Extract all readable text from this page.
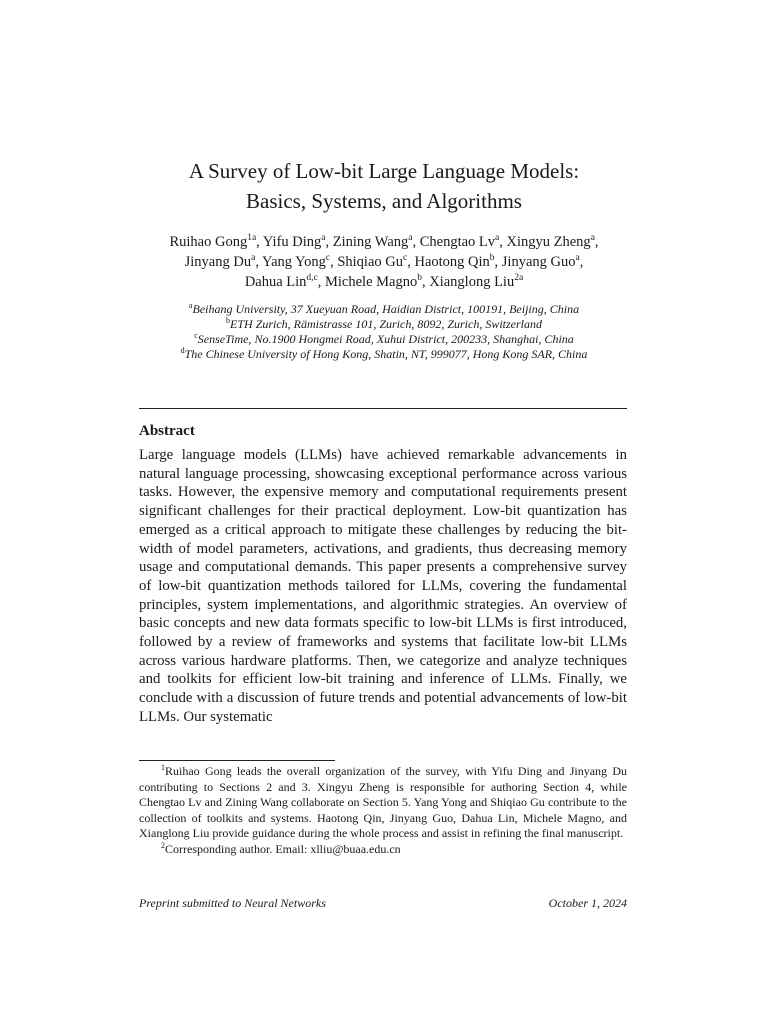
A Survey of Low-bit Large Language Models:
Basics, Systems, and Algorithms
Ruihao Gong$^{1a}$, Yifu Ding$^a$, Zining Wang$^a$, Chengtao Lv$^a$, Xingyu Zheng$^a$,
Jinyang Du$^a$, Yang Yong$^c$, Shiqiao Gu$^c$, Haotong Qin$^b$, Jinyang Guo$^a$,
Dahua Lin$^{d,c}$, Michele Magno$^b$, Xianglong Liu$^{2a}$
$^a$Beihang University, 37 Xueyuan Road, Haidian District, 100191, Beijing, China
$^b$ETH Zurich, Rämistrasse 101, Zurich, 8092, Zurich, Switzerland
$^c$SenseTime, No.1900 Hongmei Road, Xuhui District, 200233, Shanghai, China
$^d$The Chinese University of Hong Kong, Shatin, NT, 999077, Hong Kong SAR, China
Abstract
Large language models (LLMs) have achieved remarkable advancements in natural language processing, showcasing exceptional performance across various tasks. However, the expensive memory and computational requirements present significant challenges for their practical deployment. Low-bit quantization has emerged as a critical approach to mitigate these challenges by reducing the bit-width of model parameters, activations, and gradients, thus decreasing memory usage and computational demands. This paper presents a comprehensive survey of low-bit quantization methods tailored for LLMs, covering the fundamental principles, system implementations, and algorithmic strategies. An overview of basic concepts and new data formats specific to low-bit LLMs is first introduced, followed by a review of frameworks and systems that facilitate low-bit LLMs across various hardware platforms. Then, we categorize and analyze techniques and toolkits for efficient low-bit training and inference of LLMs. Finally, we conclude with a discussion of future trends and potential advancements of low-bit LLMs. Our systematic

$^1$Ruihao Gong leads the overall organization of the survey, with Yifu Ding and Jinyang Du contributing to Sections 2 and 3. Xingyu Zheng is responsible for authoring Section 4, while Chengtao Lv and Zining Wang collaborate on Section 5. Yang Yong and Shiqiao Gu contribute to the collection of toolkits and systems. Haotong Qin, Jinyang Guo, Dahua Lin, Michele Magno, and Xianglong Liu provide guidance during the whole process and assist in refining the final manuscript.

$^2$Corresponding author. Email: xlliu@buaa.edu.cn

Preprint submitted to Neural Networks	October 1, 2024
